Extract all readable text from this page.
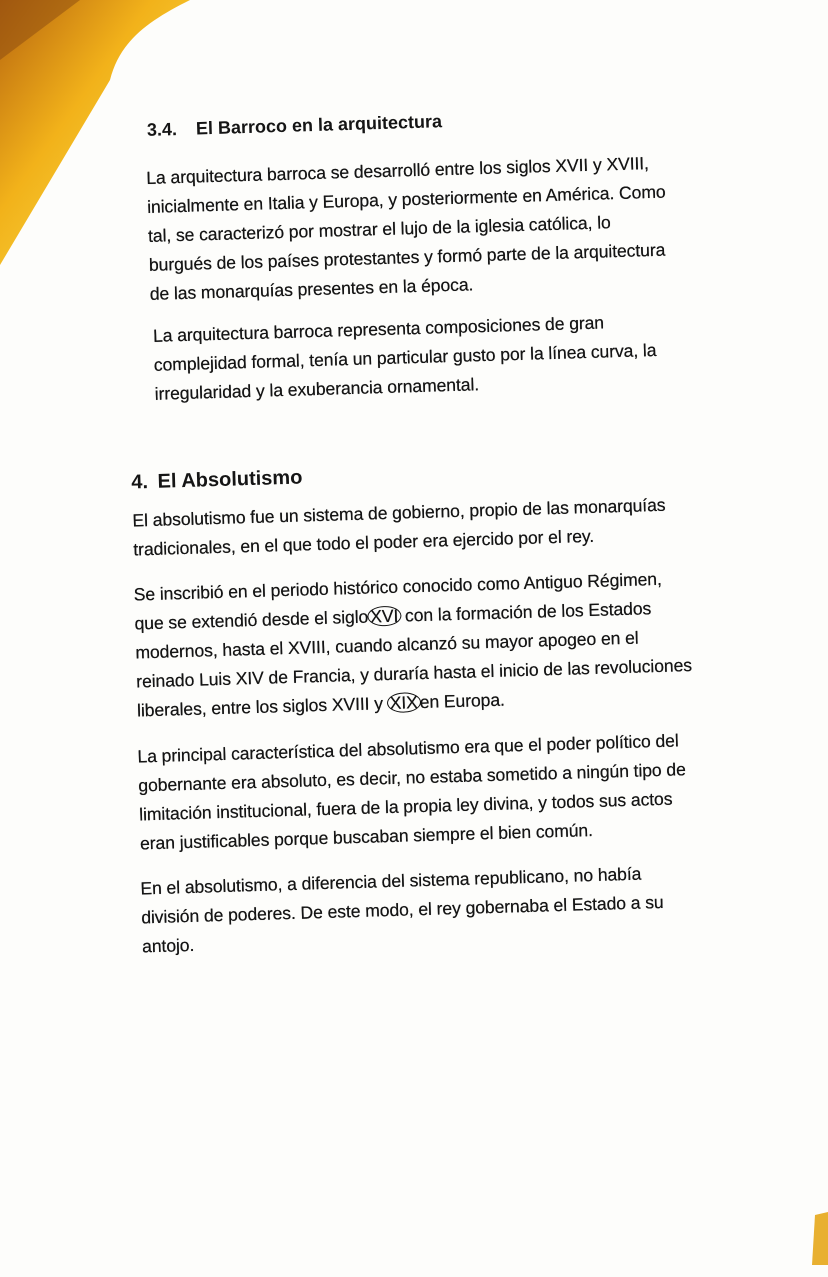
3.4. El Barroco en la arquitectura
La arquitectura barroca se desarrolló entre los siglos XVII y XVIII,
inicialmente en Italia y Europa, y posteriormente en América. Como
tal, se caracterizó por mostrar el lujo de la iglesia católica, lo
burgués de los países protestantes y formó parte de la arquitectura
de las monarquías presentes en la época.
La arquitectura barroca representa composiciones de gran
complejidad formal, tenía un particular gusto por la línea curva, la
irregularidad y la exuberancia ornamental.
4. El Absolutismo
El absolutismo fue un sistema de gobierno, propio de las monarquías
tradicionales, en el que todo el poder era ejercido por el rey.
Se inscribió en el periodo histórico conocido como Antiguo Régimen,
que se extendió desde el sigloXVI con la formación de los Estados
modernos, hasta el XVIII, cuando alcanzó su mayor apogeo en el
reinado Luis XIV de Francia, y duraría hasta el inicio de las revoluciones
liberales, entre los siglos XVIII y XIXen Europa.
La principal característica del absolutismo era que el poder político del
gobernante era absoluto, es decir, no estaba sometido a ningún tipo de
limitación institucional, fuera de la propia ley divina, y todos sus actos
eran justificables porque buscaban siempre el bien común.
En el absolutismo, a diferencia del sistema republicano, no había
división de poderes. De este modo, el rey gobernaba el Estado a su
antojo.
